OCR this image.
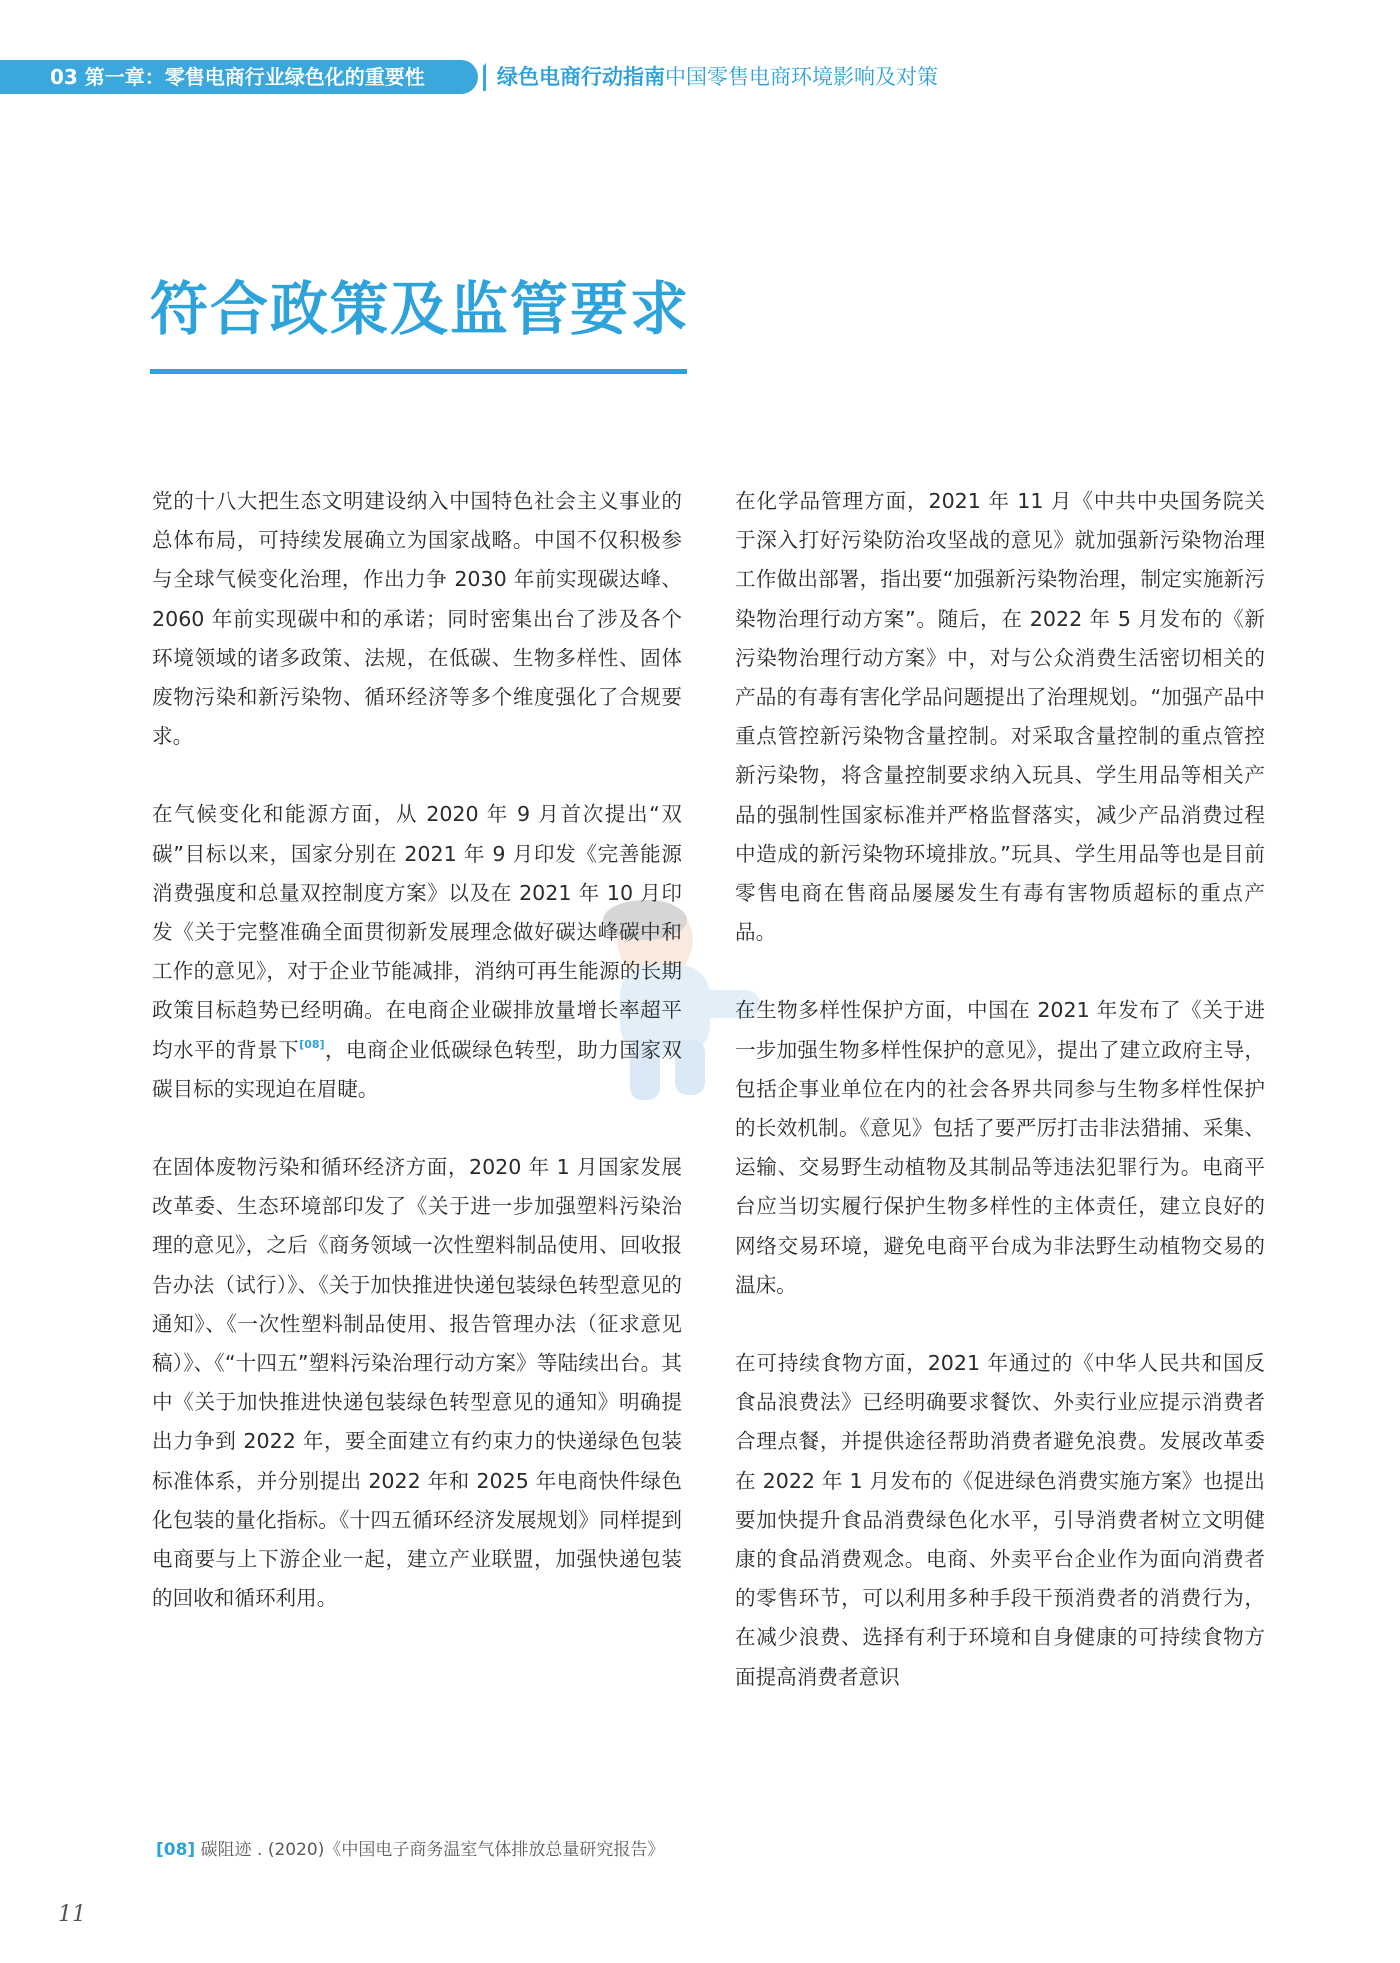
03 第一章：零售电商行业绿色化的重要性	绿色电商行动指南中国零售电商环境影响及对策
符合政策及监管要求

党的十八大把生态文明建设纳入中国特色社会主义事业的总体布局，可持续发展确立为国家战略。中国不仅积极参与全球气候变化治理，作出力争 2030 年前实现碳达峰、2060 年前实现碳中和的承诺；同时密集出台了涉及各个环境领域的诸多政策、法规，在低碳、生物多样性、固体废物污染和新污染物、循环经济等多个维度强化了合规要求。

在气候变化和能源方面，从 2020 年 9 月首次提出“双碳”目标以来，国家分别在 2021 年 9 月印发《完善能源消费强度和总量双控制度方案》以及在 2021 年 10 月印发《关于完整准确全面贯彻新发展理念做好碳达峰碳中和工作的意见》，对于企业节能减排，消纳可再生能源的长期政策目标趋势已经明确。在电商企业碳排放量增长率超平均水平的背景下[08]，电商企业低碳绿色转型，助力国家双碳目标的实现迫在眉睫。

在固体废物污染和循环经济方面，2020 年 1 月国家发展改革委、生态环境部印发了《关于进一步加强塑料污染治理的意见》，之后《商务领域一次性塑料制品使用、回收报告办法（试行）》、《关于加快推进快递包装绿色转型意见的通知》、《一次性塑料制品使用、报告管理办法（征求意见稿）》、《“十四五”塑料污染治理行动方案》等陆续出台。其中《关于加快推进快递包装绿色转型意见的通知》明确提出力争到 2022 年，要全面建立有约束力的快递绿色包装标准体系，并分别提出 2022 年和 2025 年电商快件绿色化包装的量化指标。《十四五循环经济发展规划》同样提到电商要与上下游企业一起，建立产业联盟，加强快递包装的回收和循环利用。

在化学品管理方面，2021 年 11 月《中共中央国务院关于深入打好污染防治攻坚战的意见》就加强新污染物治理工作做出部署，指出要“加强新污染物治理，制定实施新污染物治理行动方案”。随后，在 2022 年 5 月发布的《新污染物治理行动方案》中，对与公众消费生活密切相关的产品的有毒有害化学品问题提出了治理规划。“加强产品中重点管控新污染物含量控制。对采取含量控制的重点管控新污染物，将含量控制要求纳入玩具、学生用品等相关产品的强制性国家标准并严格监督落实，减少产品消费过程中造成的新污染物环境排放。”玩具、学生用品等也是目前零售电商在售商品屡屡发生有毒有害物质超标的重点产品。

在生物多样性保护方面，中国在 2021 年发布了《关于进一步加强生物多样性保护的意见》，提出了建立政府主导，包括企事业单位在内的社会各界共同参与生物多样性保护的长效机制。《意见》包括了要严厉打击非法猎捕、采集、运输、交易野生动植物及其制品等违法犯罪行为。电商平台应当切实履行保护生物多样性的主体责任，建立良好的网络交易环境，避免电商平台成为非法野生动植物交易的温床。

在可持续食物方面，2021 年通过的《中华人民共和国反食品浪费法》已经明确要求餐饮、外卖行业应提示消费者合理点餐，并提供途径帮助消费者避免浪费。发展改革委在 2022 年 1 月发布的《促进绿色消费实施方案》也提出要加快提升食品消费绿色化水平，引导消费者树立文明健康的食品消费观念。电商、外卖平台企业作为面向消费者的零售环节，可以利用多种手段干预消费者的消费行为，在减少浪费、选择有利于环境和自身健康的可持续食物方面提高消费者意识

[08] 碳阻迹 . (2020)《中国电子商务温室气体排放总量研究报告》
11
